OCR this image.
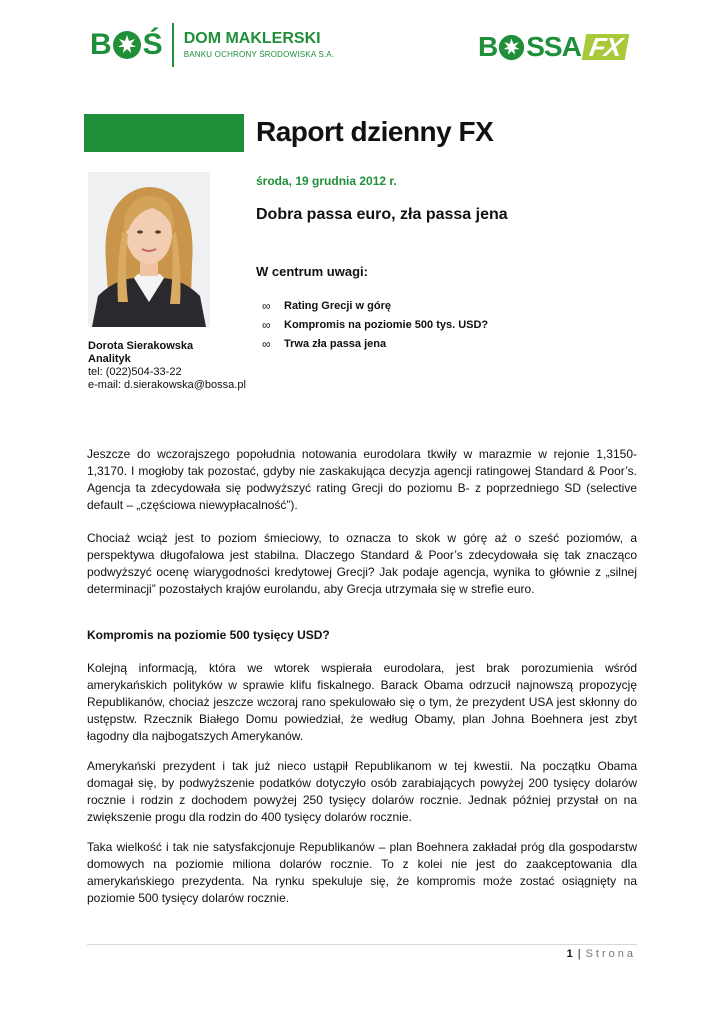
B Ś DOM MAKLERSKI
BANKU OCHRONY ŚRODOWISKA S.A.	B SSA FX
Raport dzienny FX
Dorota Sierakowska
Analityk
tel: (022)504-33-22
e-mail: d.sierakowska@bossa.pl
środa, 19 grudnia 2012 r.
Dobra passa euro, zła passa jena
W centrum uwagi:
∞	Rating Grecji w górę
∞	Kompromis na poziomie 500 tys. USD?
∞	Trwa zła passa jena

Jeszcze do wczorajszego popołudnia notowania eurodolara tkwiły w marazmie w rejonie 1,3150-1,3170. I mogłoby tak pozostać, gdyby nie zaskakująca decyzja agencji ratingowej Standard & Poor’s. Agencja ta zdecydowała się podwyższyć rating Grecji do poziomu B- z poprzedniego SD (selective default – „częściowa niewypłacalność”).

Chociaż wciąż jest to poziom śmieciowy, to oznacza to skok w górę aż o sześć poziomów, a perspektywa długofalowa jest stabilna. Dlaczego Standard & Poor’s zdecydowała się tak znacząco podwyższyć ocenę wiarygodności kredytowej Grecji? Jak podaje agencja, wynika to głównie z „silnej determinacji” pozostałych krajów eurolandu, aby Grecja utrzymała się w strefie euro.

Kompromis na poziomie 500 tysięcy USD?

Kolejną informacją, która we wtorek wspierała eurodolara, jest brak porozumienia wśród amerykańskich polityków w sprawie klifu fiskalnego. Barack Obama odrzucił najnowszą propozycję Republikanów, chociaż jeszcze wczoraj rano spekulowało się o tym, że prezydent USA jest skłonny do ustępstw. Rzecznik Białego Domu powiedział, że według Obamy, plan Johna Boehnera jest zbyt łagodny dla najbogatszych Amerykanów.

Amerykański prezydent i tak już nieco ustąpił Republikanom w tej kwestii. Na początku Obama domagał się, by podwyższenie podatków dotyczyło osób zarabiających powyżej 200 tysięcy dolarów rocznie i rodzin z dochodem powyżej 250 tysięcy dolarów rocznie. Jednak później przystał on na zwiększenie progu dla rodzin do 400 tysięcy dolarów rocznie.

Taka wielkość i tak nie satysfakcjonuje Republikanów – plan Boehnera zakładał próg dla gospodarstw domowych na poziomie miliona dolarów rocznie. To z kolei nie jest do zaakceptowania dla amerykańskiego prezydenta. Na rynku spekuluje się, że kompromis może zostać osiągnięty na poziomie 500 tysięcy dolarów rocznie.

1 | Strona
